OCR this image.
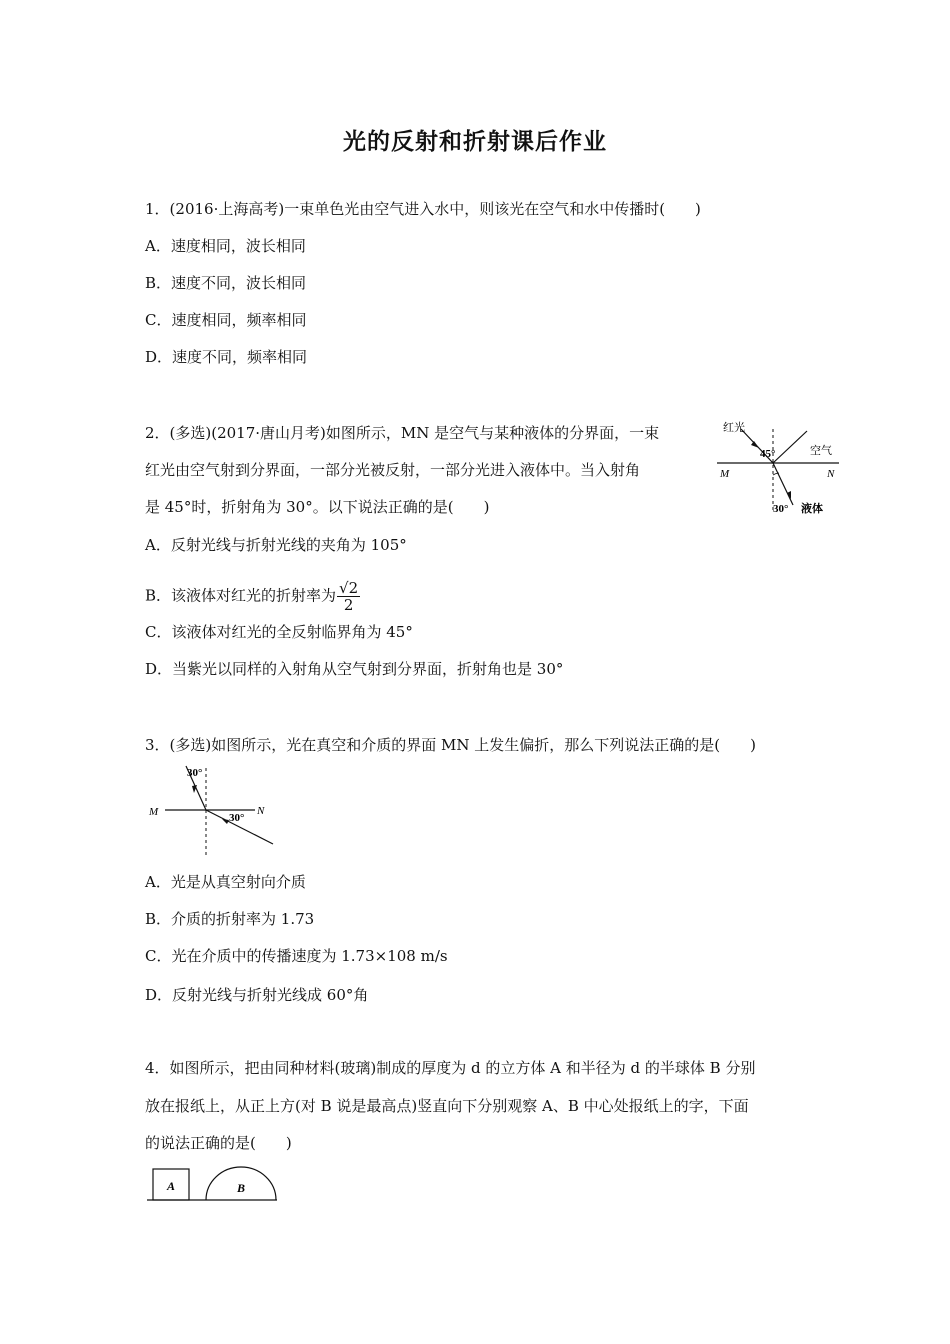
光的反射和折射课后作业
1．(2016·上海高考)一束单色光由空气进入水中，则该光在空气和水中传播时(　　)
A．速度相同，波长相同
B．速度不同，波长相同
C．速度相同，频率相同
D．速度不同，频率相同
2．(多选)(2017·唐山月考)如图所示，MN 是空气与某种液体的分界面，一束
红光由空气射到分界面，一部分光被反射，一部分光进入液体中。当入射角
是 45°时，折射角为 30°。以下说法正确的是(　　)
A．反射光线与折射光线的夹角为 105°
B．该液体对红光的折射率为 $\frac{√2}{2}$
C．该液体对红光的全反射临界角为 45°
D．当紫光以同样的入射角从空气射到分界面，折射角也是 30°
红光
45°	空气
M	N
30° 液体
3．(多选)如图所示，光在真空和介质的界面 MN 上发生偏折，那么下列说法正确的是(　　)
30°
M	N
30°
A．光是从真空射向介质
B．介质的折射率为 1.73
C．光在介质中的传播速度为 1.73×108 m/s
D．反射光线与折射光线成 60°角
4．如图所示，把由同种材料(玻璃)制成的厚度为 d 的立方体 A 和半径为 d 的半球体 B 分别
放在报纸上，从正上方(对 B 说是最高点)竖直向下分别观察 A、B 中心处报纸上的字，下面
的说法正确的是(　　)
A	B
